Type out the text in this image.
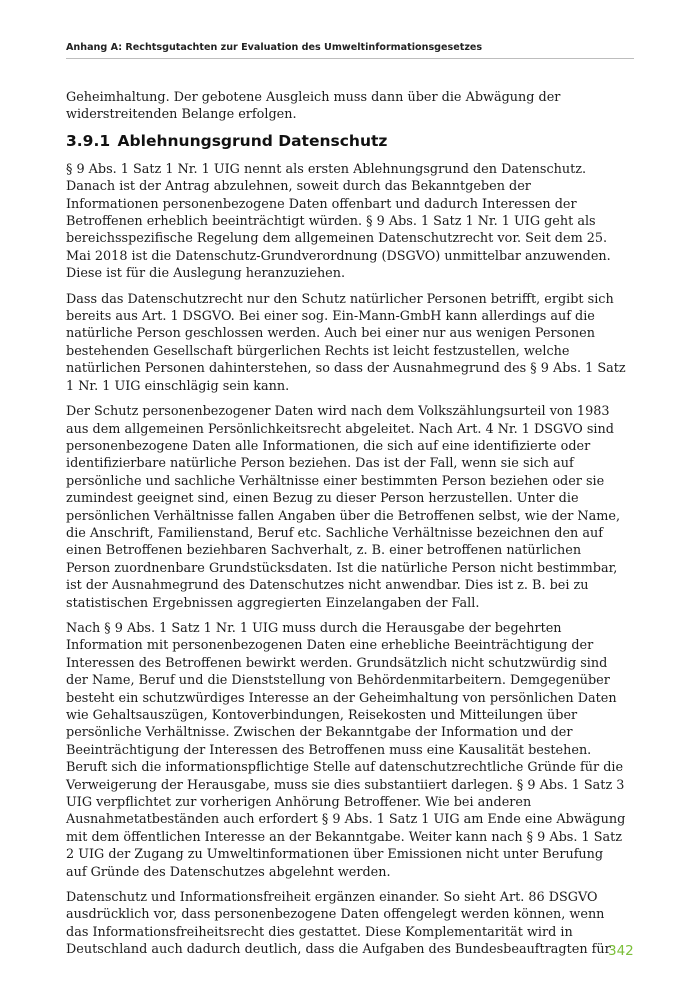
Anhang A: Rechtsgutachten zur Evaluation des Umweltinformationsgesetzes

Geheimhaltung. Der gebotene Ausgleich muss dann über die Abwägung der
widerstreitenden Belange erfolgen.

3.9.1 Ablehnungsgrund Datenschutz

§ 9 Abs. 1 Satz 1 Nr. 1 UIG nennt als ersten Ablehnungsgrund den Datenschutz.
Danach ist der Antrag abzulehnen, soweit durch das Bekanntgeben der
Informationen personenbezogene Daten offenbart und dadurch Interessen der
Betroffenen erheblich beeinträchtigt würden. § 9 Abs. 1 Satz 1 Nr. 1 UIG geht als
bereichsspezifische Regelung dem allgemeinen Datenschutzrecht vor. Seit dem 25.
Mai 2018 ist die Datenschutz-Grundverordnung (DSGVO) unmittelbar anzuwenden.
Diese ist für die Auslegung heranzuziehen.

Dass das Datenschutzrecht nur den Schutz natürlicher Personen betrifft, ergibt sich
bereits aus Art. 1 DSGVO. Bei einer sog. Ein-Mann-GmbH kann allerdings auf die
natürliche Person geschlossen werden. Auch bei einer nur aus wenigen Personen
bestehenden Gesellschaft bürgerlichen Rechts ist leicht festzustellen, welche
natürlichen Personen dahinterstehen, so dass der Ausnahmegrund des § 9 Abs. 1 Satz
1 Nr. 1 UIG einschlägig sein kann.

Der Schutz personenbezogener Daten wird nach dem Volkszählungsurteil von 1983
aus dem allgemeinen Persönlichkeitsrecht abgeleitet. Nach Art. 4 Nr. 1 DSGVO sind
personenbezogene Daten alle Informationen, die sich auf eine identifizierte oder
identifizierbare natürliche Person beziehen. Das ist der Fall, wenn sie sich auf
persönliche und sachliche Verhältnisse einer bestimmten Person beziehen oder sie
zumindest geeignet sind, einen Bezug zu dieser Person herzustellen. Unter die
persönlichen Verhältnisse fallen Angaben über die Betroffenen selbst, wie der Name,
die Anschrift, Familienstand, Beruf etc. Sachliche Verhältnisse bezeichnen den auf
einen Betroffenen beziehbaren Sachverhalt, z. B. einer betroffenen natürlichen
Person zuordnenbare Grundstücksdaten. Ist die natürliche Person nicht bestimmbar,
ist der Ausnahmegrund des Datenschutzes nicht anwendbar. Dies ist z. B. bei zu
statistischen Ergebnissen aggregierten Einzelangaben der Fall.

Nach § 9 Abs. 1 Satz 1 Nr. 1 UIG muss durch die Herausgabe der begehrten
Information mit personenbezogenen Daten eine erhebliche Beeinträchtigung der
Interessen des Betroffenen bewirkt werden. Grundsätzlich nicht schutzwürdig sind
der Name, Beruf und die Dienststellung von Behördenmitarbeitern. Demgegenüber
besteht ein schutzwürdiges Interesse an der Geheimhaltung von persönlichen Daten
wie Gehaltsauszügen, Kontoverbindungen, Reisekosten und Mitteilungen über
persönliche Verhältnisse. Zwischen der Bekanntgabe der Information und der
Beeinträchtigung der Interessen des Betroffenen muss eine Kausalität bestehen.
Beruft sich die informationspflichtige Stelle auf datenschutzrechtliche Gründe für die
Verweigerung der Herausgabe, muss sie dies substantiiert darlegen. § 9 Abs. 1 Satz 3
UIG verpflichtet zur vorherigen Anhörung Betroffener. Wie bei anderen
Ausnahmetatbeständen auch erfordert § 9 Abs. 1 Satz 1 UIG am Ende eine Abwägung
mit dem öffentlichen Interesse an der Bekanntgabe. Weiter kann nach § 9 Abs. 1 Satz
2 UIG der Zugang zu Umweltinformationen über Emissionen nicht unter Berufung
auf Gründe des Datenschutzes abgelehnt werden.

Datenschutz und Informationsfreiheit ergänzen einander. So sieht Art. 86 DSGVO
ausdrücklich vor, dass personenbezogene Daten offengelegt werden können, wenn
das Informationsfreiheitsrecht dies gestattet. Diese Komplementarität wird in
Deutschland auch dadurch deutlich, dass die Aufgaben des Bundesbeauftragten für

342
